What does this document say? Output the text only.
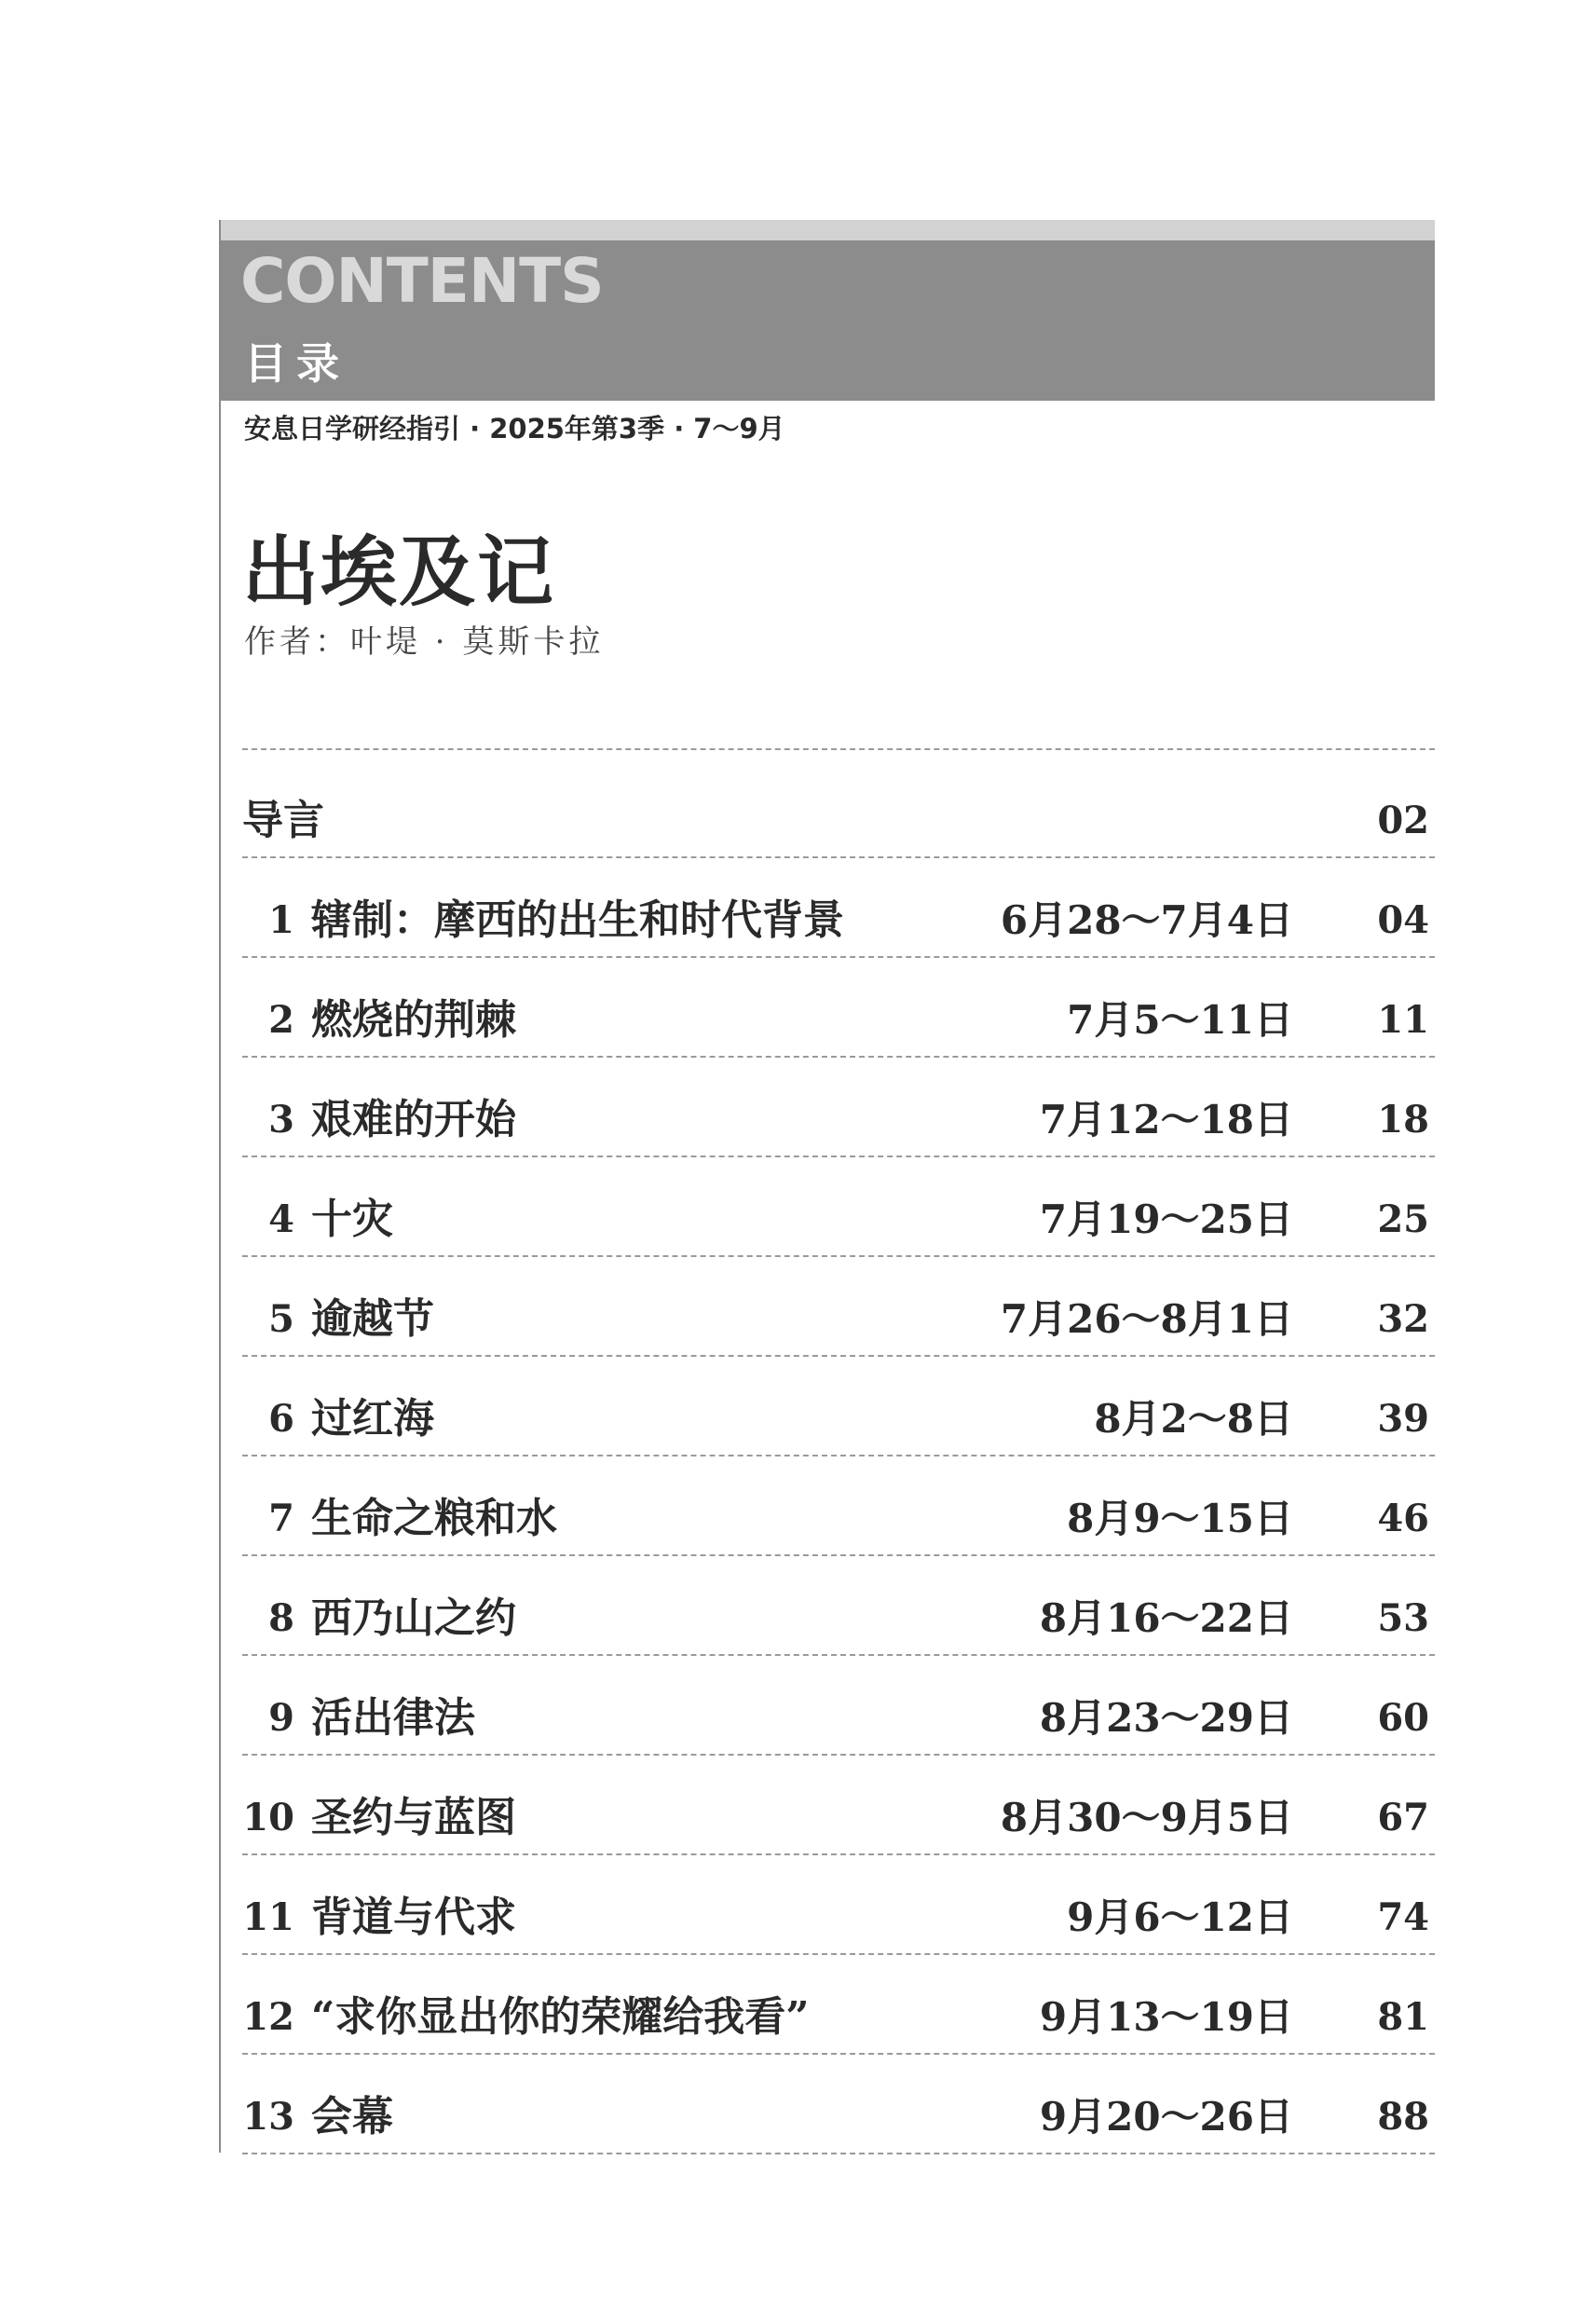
CONTENTS
目录
安息日学研经指引 · 2025年第3季 · 7～9月
出埃及记
作者：叶堤 · 莫斯卡拉
导言	02
1 辖制：摩西的出生和时代背景	6月28～7月4日 04
2 燃烧的荆棘	7月5～11日 11
3 艰难的开始	7月12～18日 18
4 十灾	7月19～25日 25
5 逾越节	7月26～8月1日 32
6 过红海	8月2～8日 39
7 生命之粮和水	8月9～15日 46
8 西乃山之约	8月16～22日 53
9 活出律法	8月23～29日 60
10 圣约与蓝图	8月30～9月5日 67
11 背道与代求	9月6～12日 74
12 “求你显出你的荣耀给我看”	9月13～19日 81
13 会幕	9月20～26日 88
